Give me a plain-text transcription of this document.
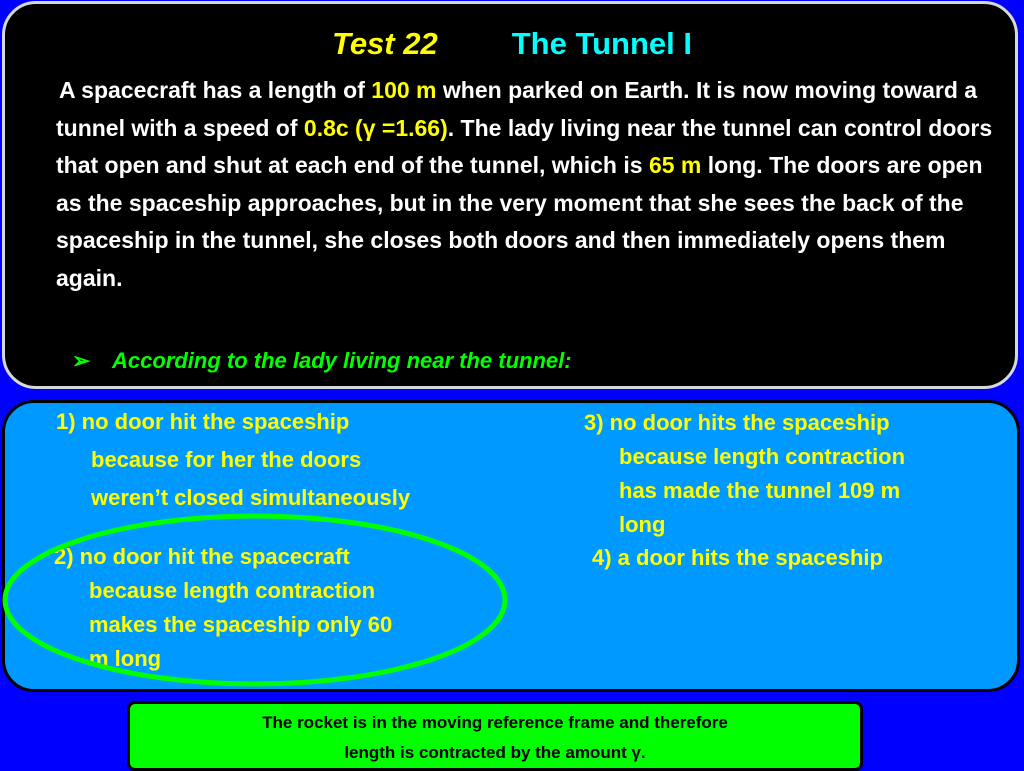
Test 22 The Tunnel I
A spacecraft has a length of 100 m when parked on Earth. It is now moving toward a tunnel with a speed of 0.8c (γ =1.66). The lady living near the tunnel can control doors that open and shut at each end of the tunnel, which is 65 m long. The doors are open as the spaceship approaches, but in the very moment that she sees the back of the spaceship in the tunnel, she closes both doors and then immediately opens them again.
➢ According to the lady living near the tunnel:
1) no door hit the spaceship
because for her the doors
weren’t closed simultaneously
2) no door hit the spacecraft
because length contraction
makes the spaceship only 60
m long
3) no door hits the spaceship
because length contraction
has made the tunnel 109 m
long
4) a door hits the spaceship
The rocket is in the moving reference frame and therefore
length is contracted by the amount γ.
